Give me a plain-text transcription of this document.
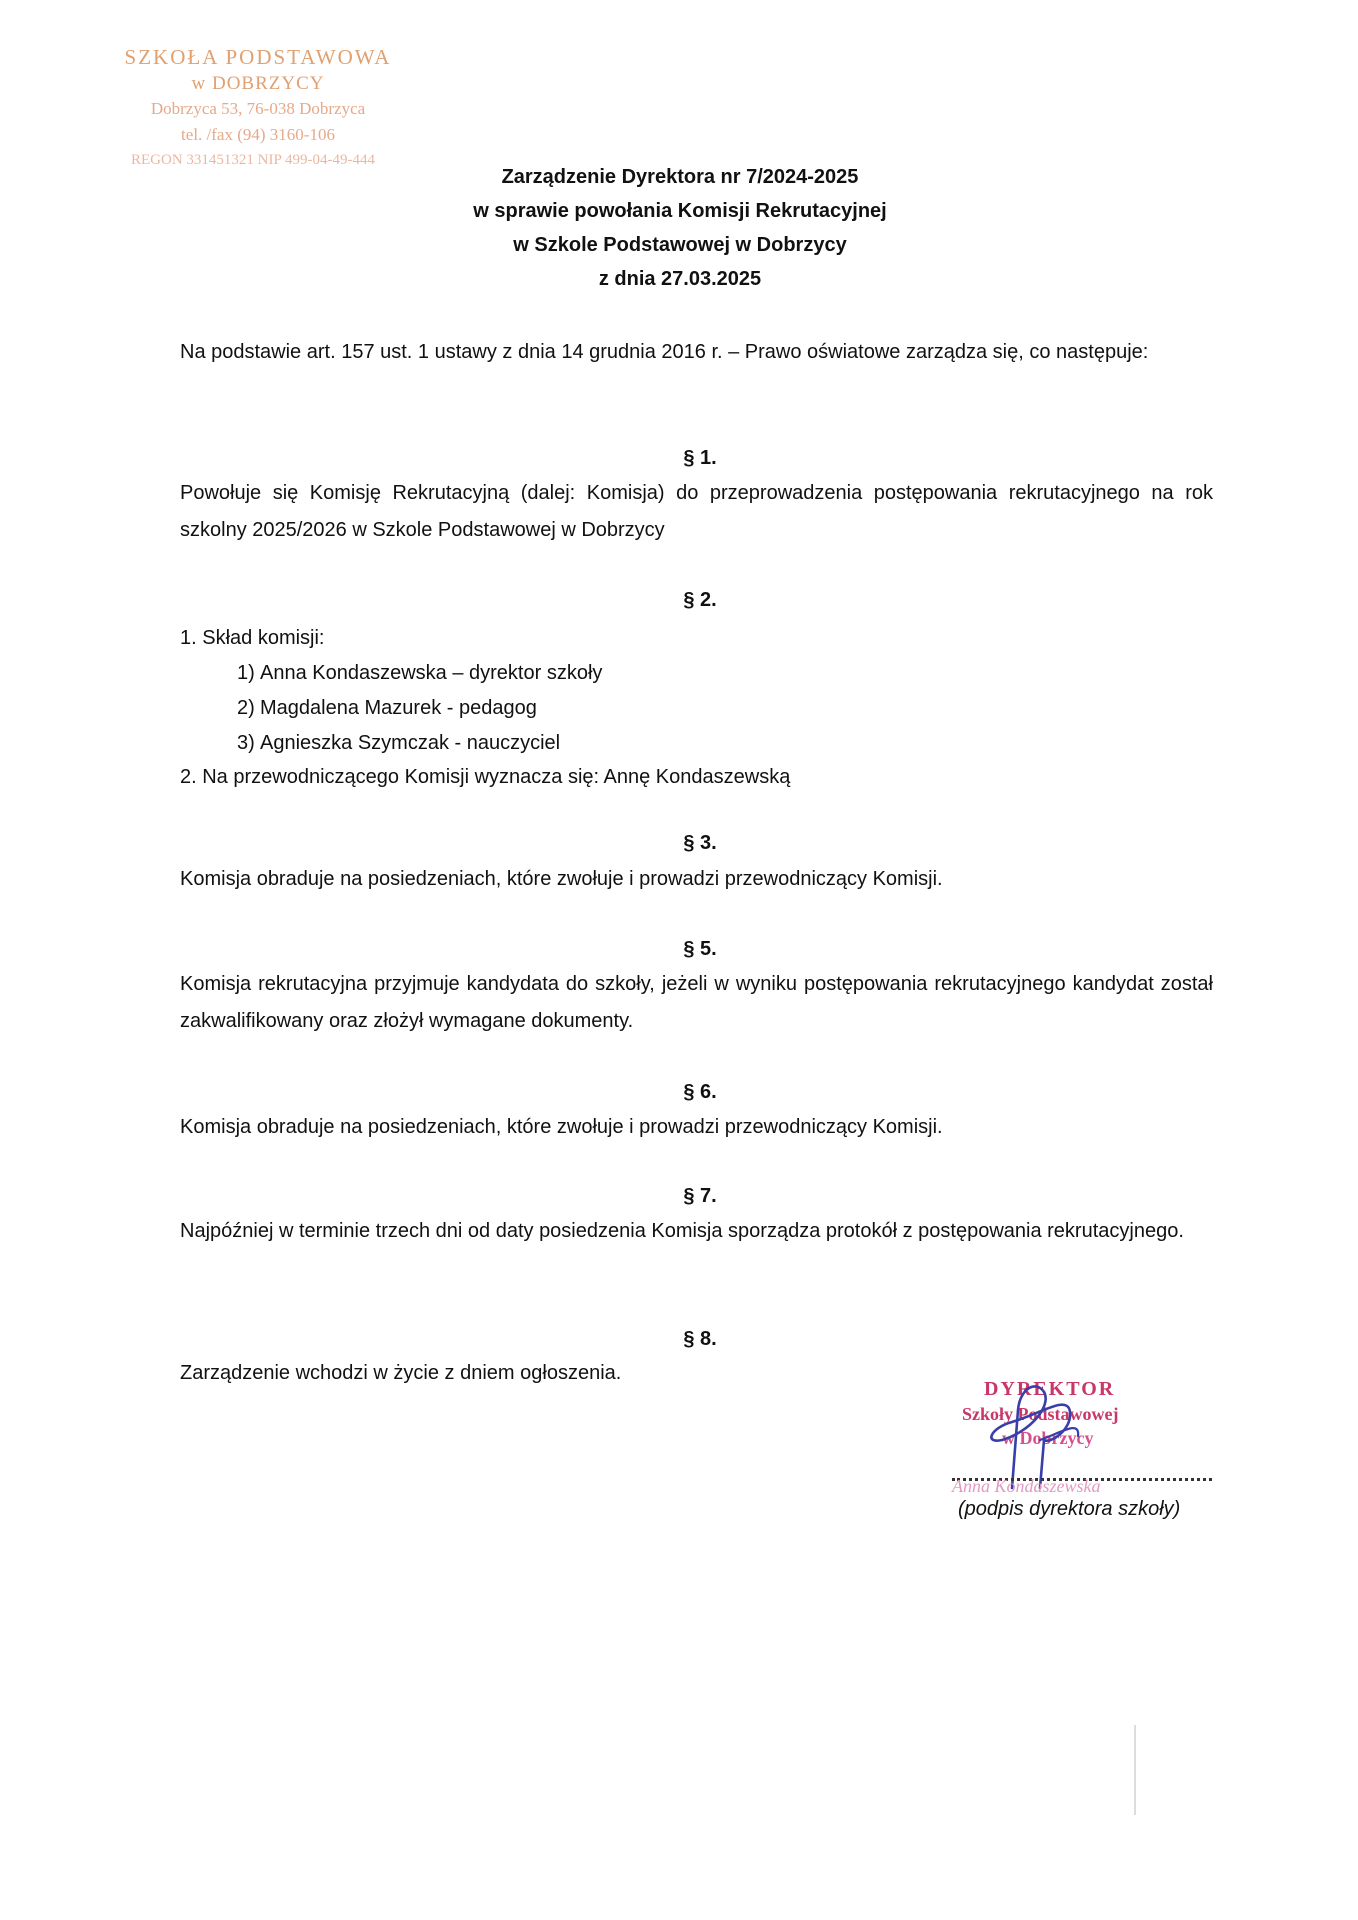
SZKOŁA PODSTAWOWA
w DOBRZYCY
Dobrzyca 53, 76-038 Dobrzyca
tel. /fax (94) 3160-106
REGON 331451321 NIP 499-04-49-444
Zarządzenie Dyrektora nr 7/2024-2025
w sprawie powołania Komisji Rekrutacyjnej
w Szkole Podstawowej w Dobrzycy
z dnia 27.03.2025
Na podstawie art. 157 ust. 1 ustawy z dnia 14 grudnia 2016 r. – Prawo oświatowe zarządza się, co następuje:
§ 1.
Powołuje się Komisję Rekrutacyjną (dalej: Komisja) do przeprowadzenia postępowania rekrutacyjnego na rok szkolny 2025/2026 w Szkole Podstawowej w Dobrzycy
§ 2.
1. Skład komisji:
1) Anna Kondaszewska – dyrektor szkoły
2) Magdalena Mazurek - pedagog
3) Agnieszka Szymczak - nauczyciel
2. Na przewodniczącego Komisji wyznacza się: Annę Kondaszewską
§ 3.
Komisja obraduje na posiedzeniach, które zwołuje i prowadzi przewodniczący Komisji.
§ 5.
Komisja rekrutacyjna przyjmuje kandydata do szkoły, jeżeli w wyniku postępowania rekrutacyjnego kandydat został zakwalifikowany oraz złożył wymagane dokumenty.
§ 6.
Komisja obraduje na posiedzeniach, które zwołuje i prowadzi przewodniczący Komisji.
§ 7.
Najpóźniej w terminie trzech dni od daty posiedzenia Komisja sporządza protokół z postępowania rekrutacyjnego.
§ 8.
Zarządzenie wchodzi w życie z dniem ogłoszenia.
DYREKTOR
Szkoły Podstawowej
w Dobrzycy
Anna Kondaszewska
(podpis dyrektora szkoły)
